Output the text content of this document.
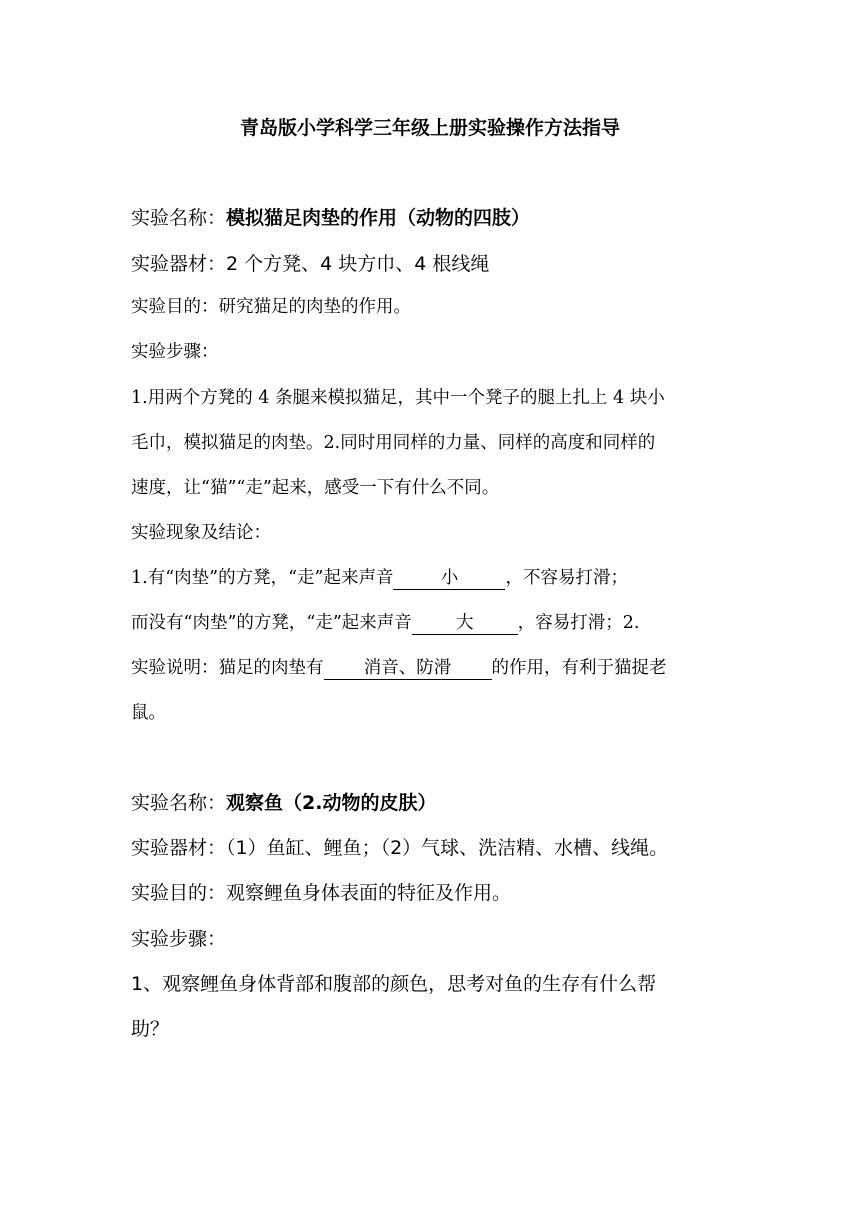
青岛版小学科学三年级上册实验操作方法指导
实验名称：模拟猫足肉垫的作用（动物的四肢）
实验器材：2 个方凳、4 块方巾、4 根线绳
实验目的：研究猫足的肉垫的作用。
实验步骤：
1.用两个方凳的 4 条腿来模拟猫足，其中一个凳子的腿上扎上 4 块小
毛巾，模拟猫足的肉垫。2.同时用同样的力量、同样的高度和同样的
速度，让“猫”“走”起来，感受一下有什么不同。
实验现象及结论：
1.有“肉垫”的方凳，“走”起来声音	小	，不容易打滑；
而没有“肉垫”的方凳，“走”起来声音	大	，容易打滑；2.
实验说明：猫足的肉垫有 消音、防滑 的作用，有利于猫捉老
鼠。
实验名称：观察鱼（2.动物的皮肤）
实验器材：（1）鱼缸、鲤鱼；（2）气球、洗洁精、水槽、线绳。
实验目的：观察鲤鱼身体表面的特征及作用。
实验步骤：
1、观察鲤鱼身体背部和腹部的颜色，思考对鱼的生存有什么帮
助？
